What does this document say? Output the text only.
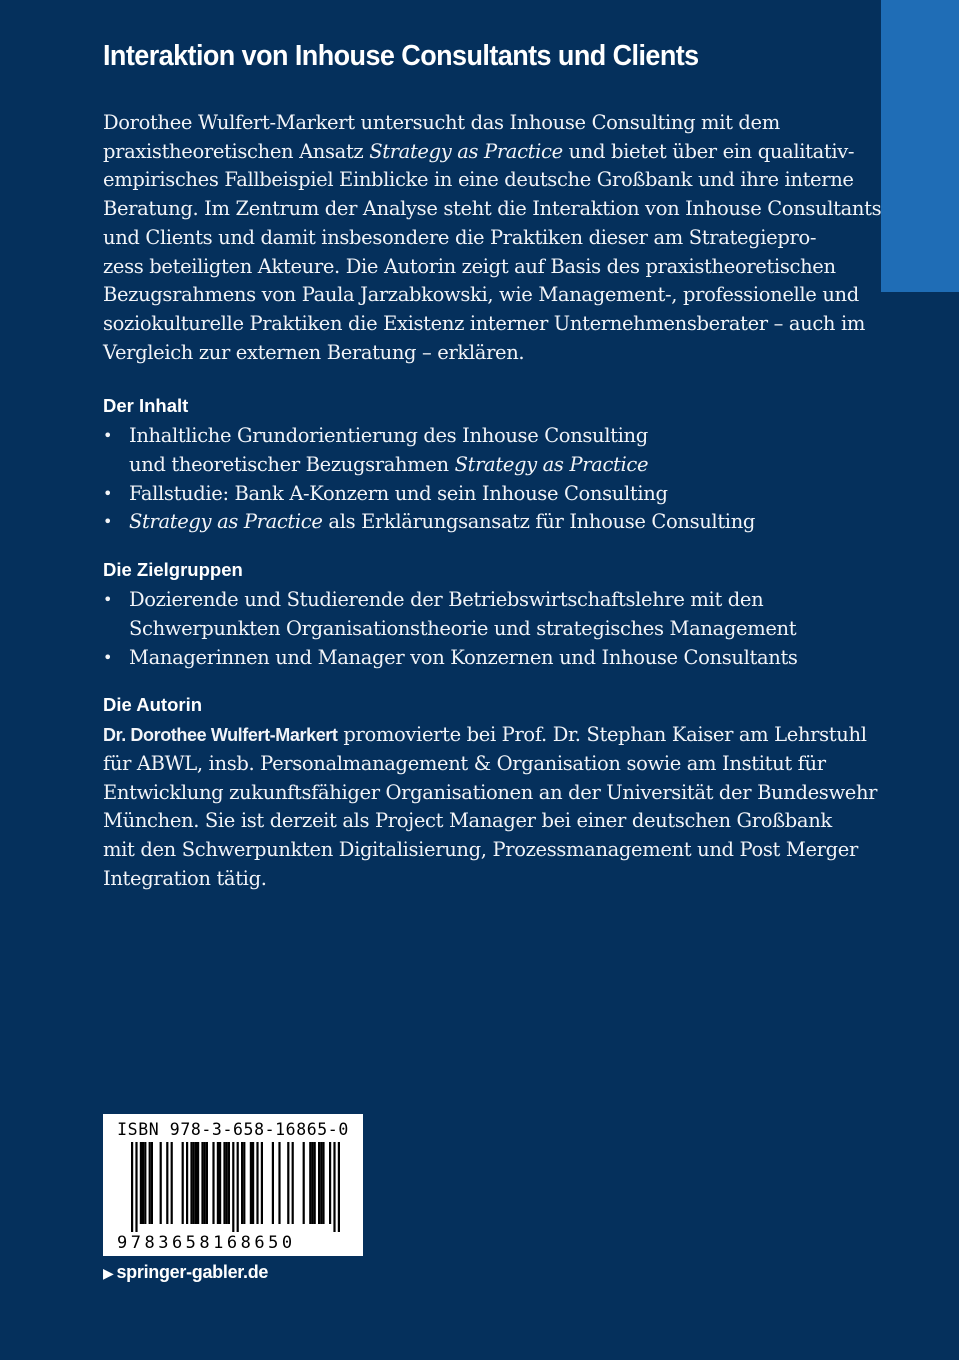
Interaktion von Inhouse Consultants und Clients

Dorothee Wulfert-Markert untersucht das Inhouse Consulting mit dem
praxistheoretischen Ansatz Strategy as Practice und bietet über ein qualitativ-
empirisches Fallbeispiel Einblicke in eine deutsche Großbank und ihre interne
Beratung. Im Zentrum der Analyse steht die Interaktion von Inhouse Consultants
und Clients und damit insbesondere die Praktiken dieser am Strategiepro-
zess beteiligten Akteure. Die Autorin zeigt auf Basis des praxistheoretischen
Bezugsrahmens von Paula Jarzabkowski, wie Management-, professionelle und
soziokulturelle Praktiken die Existenz interner Unternehmensberater – auch im
Vergleich zur externen Beratung – erklären.

Der Inhalt
• Inhaltliche Grundorientierung des Inhouse Consulting
und theoretischer Bezugsrahmen Strategy as Practice
• Fallstudie: Bank A-Konzern und sein Inhouse Consulting
• Strategy as Practice als Erklärungsansatz für Inhouse Consulting
Die Zielgruppen
• Dozierende und Studierende der Betriebswirtschaftslehre mit den
Schwerpunkten Organisationstheorie und strategisches Management
• Managerinnen und Manager von Konzernen und Inhouse Consultants
Die Autorin

Dr. Dorothee Wulfert-Markert promovierte bei Prof. Dr. Stephan Kaiser am Lehrstuhl
für ABWL, insb. Personalmanagement & Organisation sowie am Institut für
Entwicklung zukunftsfähiger Organisationen an der Universität der Bundeswehr
München. Sie ist derzeit als Project Manager bei einer deutschen Großbank
mit den Schwerpunkten Digitalisierung, Prozessmanagement und Post Merger
Integration tätig.

ISBN 978-3-658-16865-0
9783658168650
▶ springer-gabler.de
